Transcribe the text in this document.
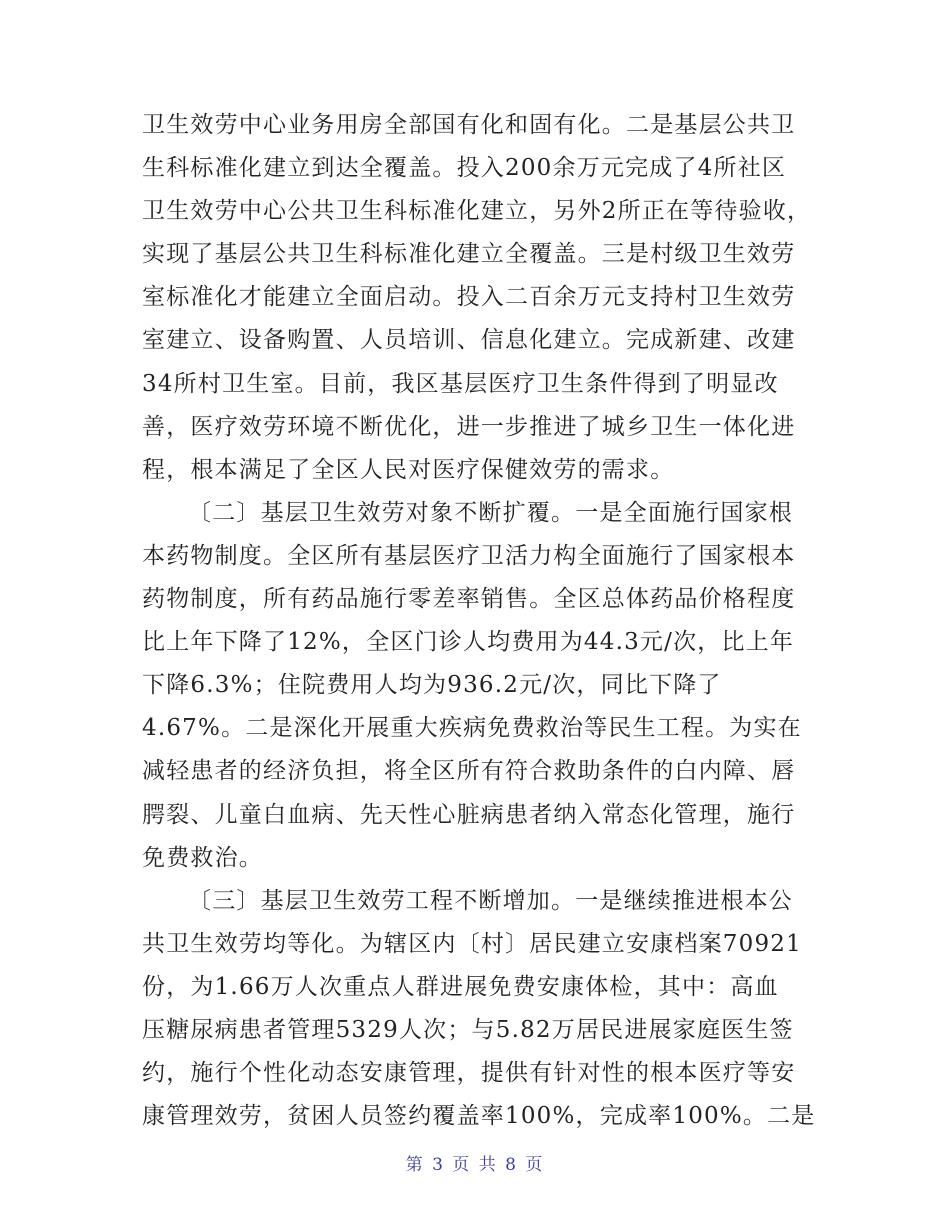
卫生效劳中心业务用房全部国有化和固有化。二是基层公共卫
生科标准化建立到达全覆盖。投入200余万元完成了4所社区
卫生效劳中心公共卫生科标准化建立，另外2所正在等待验收，
实现了基层公共卫生科标准化建立全覆盖。三是村级卫生效劳
室标准化才能建立全面启动。投入二百余万元支持村卫生效劳
室建立、设备购置、人员培训、信息化建立。完成新建、改建
34所村卫生室。目前，我区基层医疗卫生条件得到了明显改
善，医疗效劳环境不断优化，进一步推进了城乡卫生一体化进
程，根本满足了全区人民对医疗保健效劳的需求。
〔二〕基层卫生效劳对象不断扩覆。一是全面施行国家根
本药物制度。全区所有基层医疗卫活力构全面施行了国家根本
药物制度，所有药品施行零差率销售。全区总体药品价格程度
比上年下降了12%，全区门诊人均费用为44.3元/次，比上年
下降6.3%；住院费用人均为936.2元/次，同比下降了
4.67%。二是深化开展重大疾病免费救治等民生工程。为实在
减轻患者的经济负担，将全区所有符合救助条件的白内障、唇
腭裂、儿童白血病、先天性心脏病患者纳入常态化管理，施行
免费救治。
〔三〕基层卫生效劳工程不断增加。一是继续推进根本公
共卫生效劳均等化。为辖区内〔村〕居民建立安康档案70921
份，为1.66万人次重点人群进展免费安康体检，其中：高血
压糖尿病患者管理5329人次；与5.82万居民进展家庭医生签
约，施行个性化动态安康管理，提供有针对性的根本医疗等安
康管理效劳，贫困人员签约覆盖率100%，完成率100%。二是
第 3 页 共 8 页
